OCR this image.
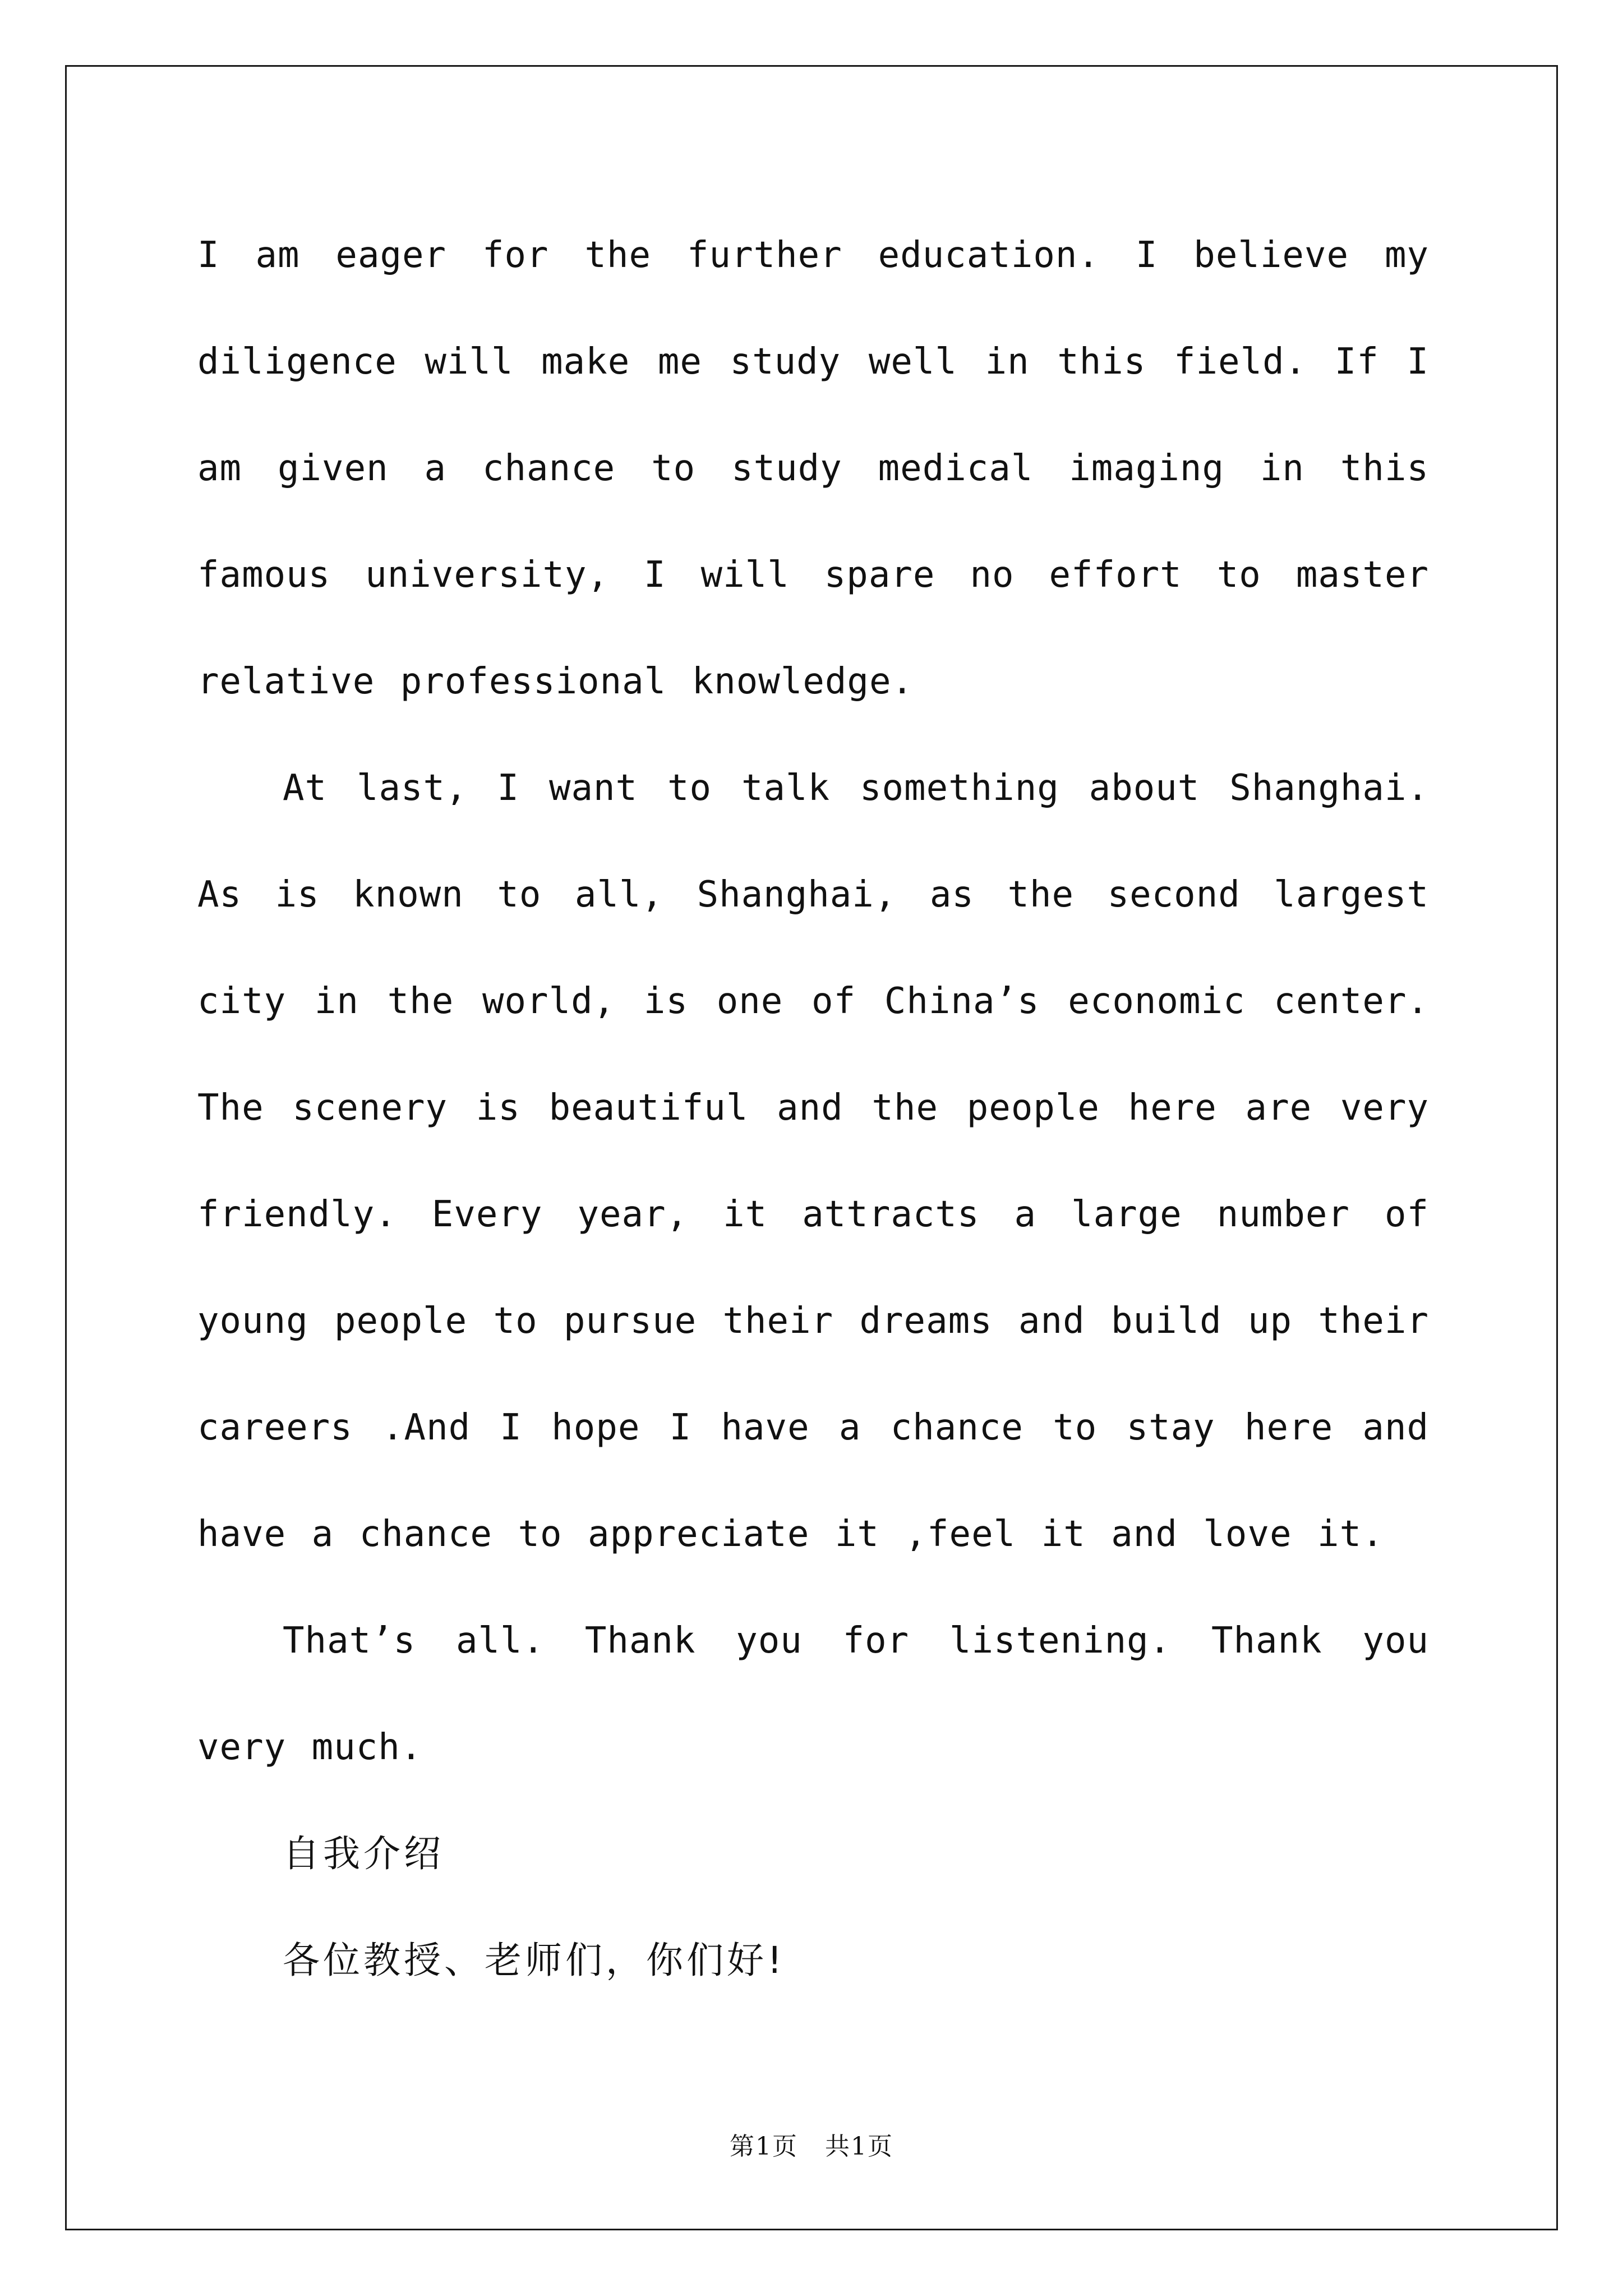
I am eager for the further education. I believe my diligence will make me study well in this field. If I am given a chance to study medical imaging in this famous university, I will spare no effort to master relative professional knowledge.

At last, I want to talk something about Shanghai. As is known to all, Shanghai, as the second largest city in the world, is one of China’s economic center. The scenery is beautiful and the people here are very friendly. Every year, it attracts a large number of young people to pursue their dreams and build up their careers .And I hope I have a chance to stay here and have a chance to appreciate it ,feel it and love it.

That’s all. Thank you for listening. Thank you very much.

自我介绍

各位教授、老师们，你们好!

第1页 共1页
